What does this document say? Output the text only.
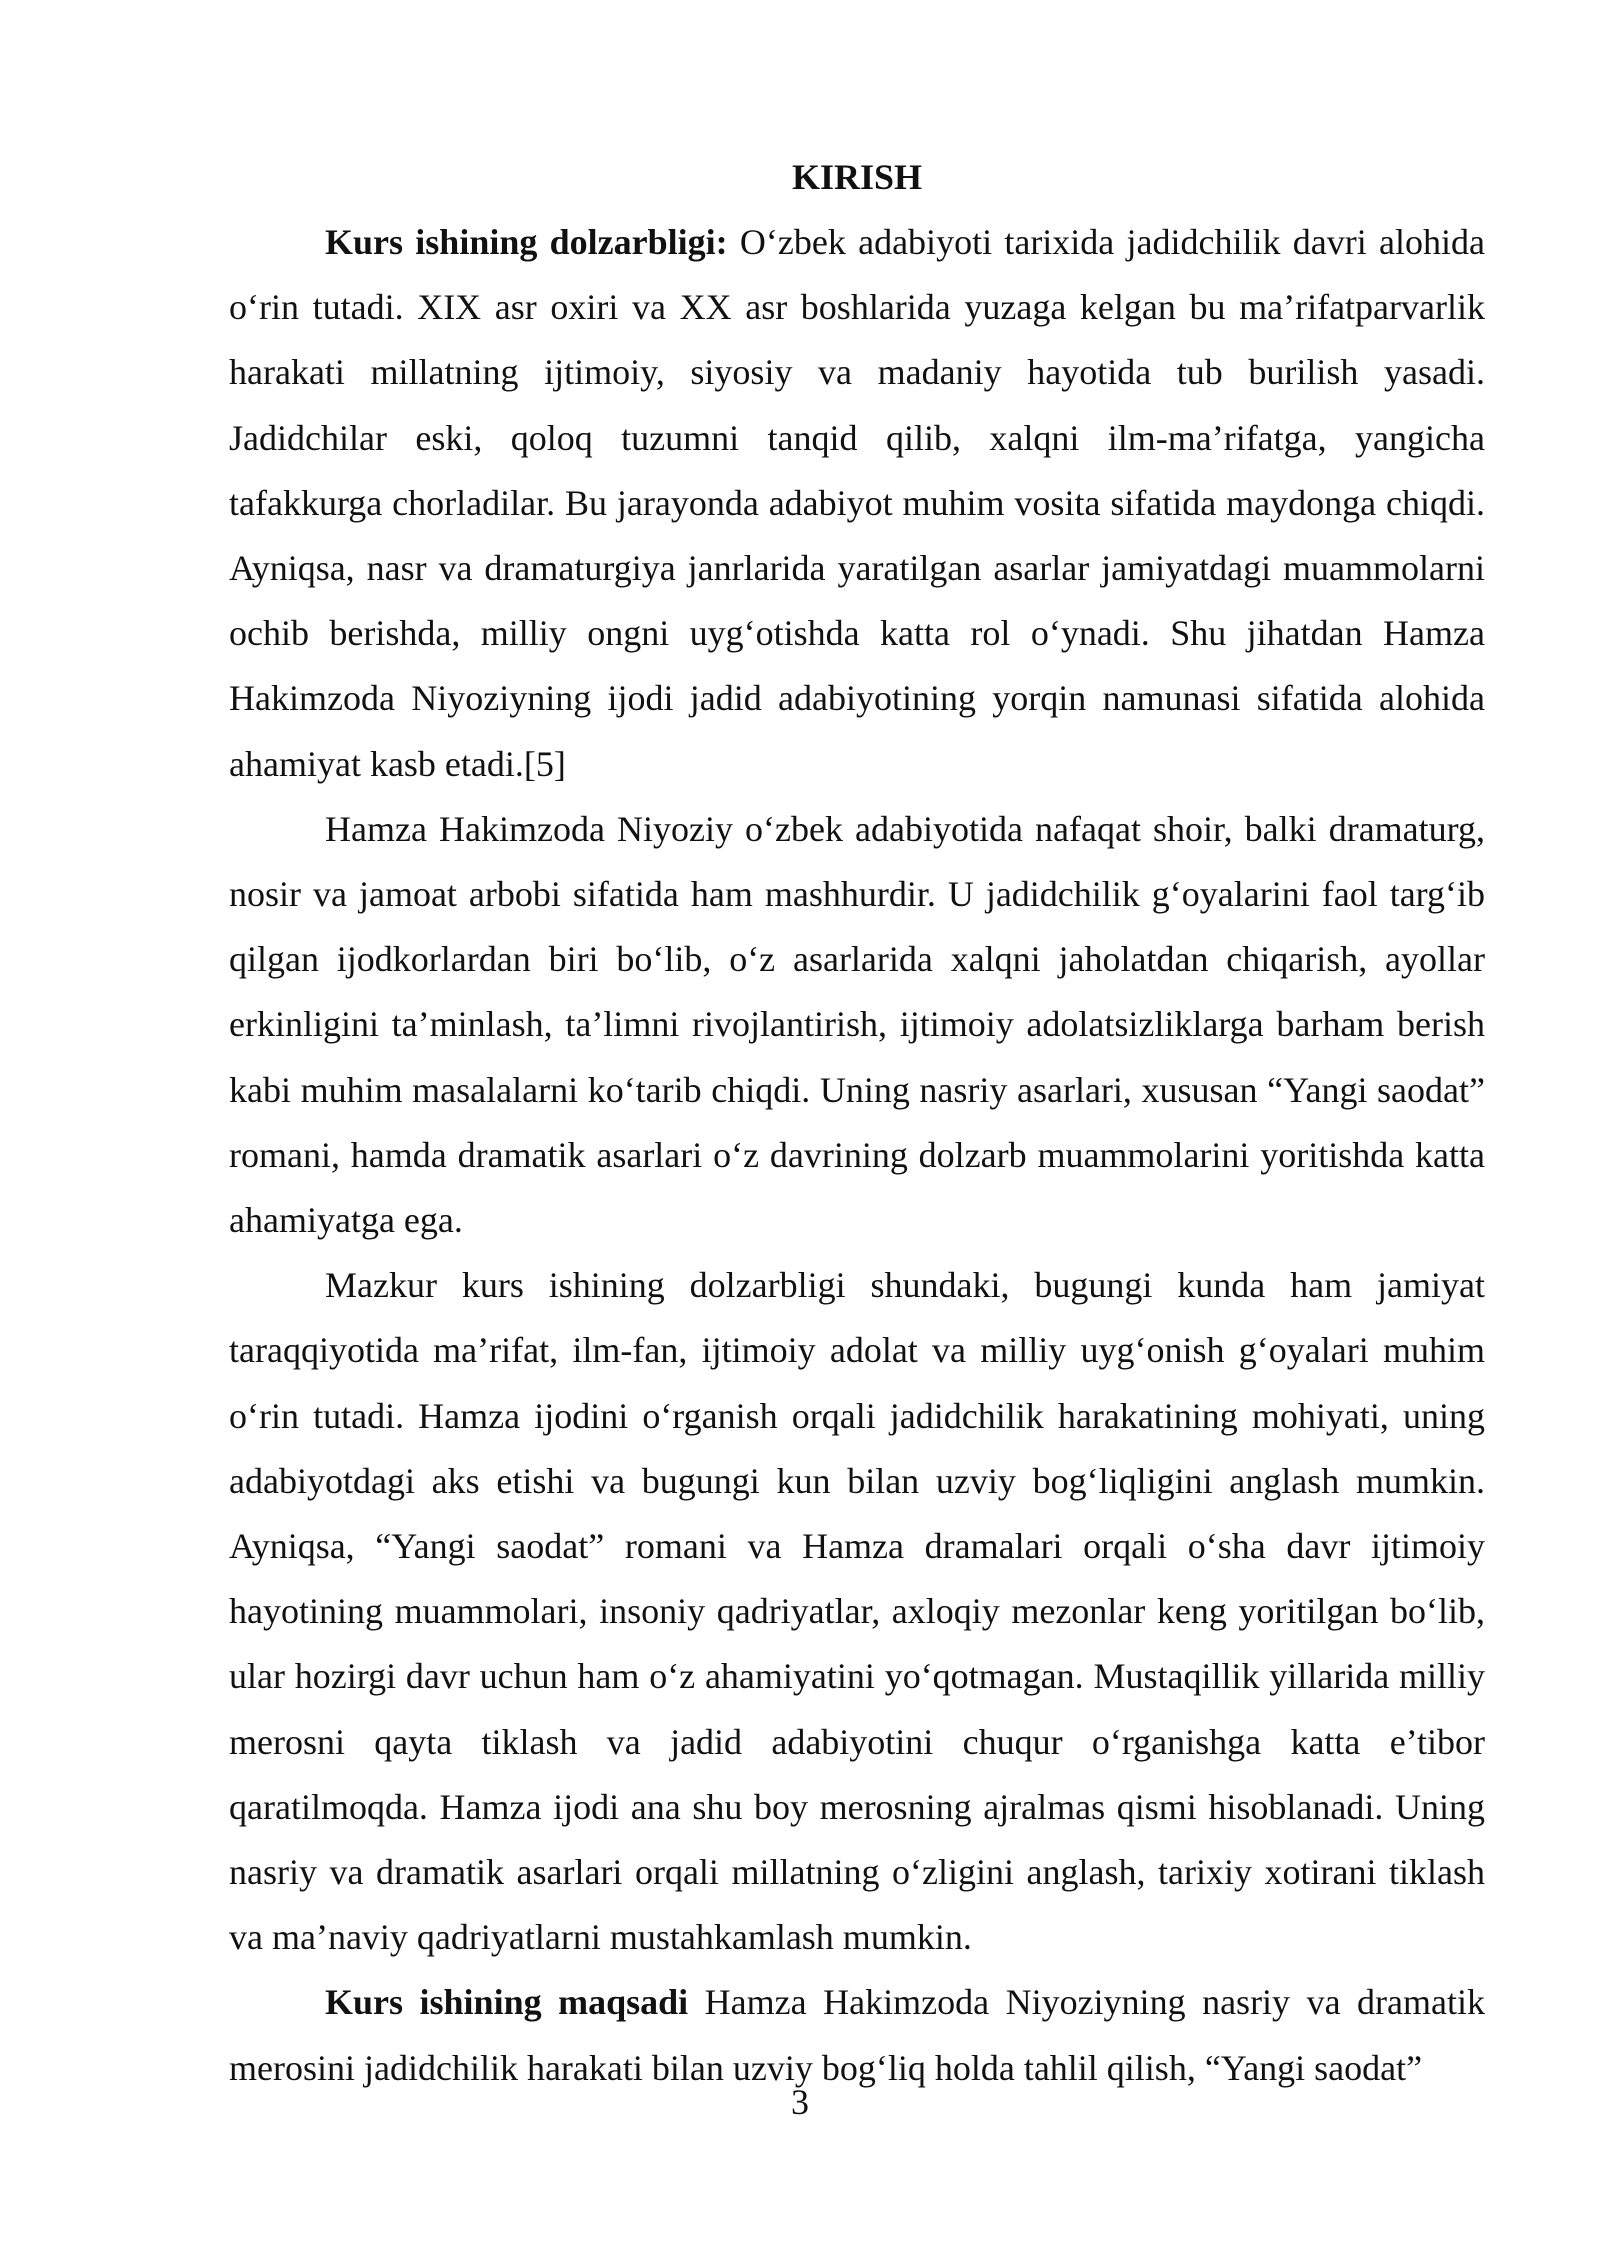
KIRISH

Kurs ishining dolzarbligi: O‘zbek adabiyoti tarixida jadidchilik davri alohida o‘rin tutadi. XIX asr oxiri va XX asr boshlarida yuzaga kelgan bu ma’rifatparvarlik harakati millatning ijtimoiy, siyosiy va madaniy hayotida tub burilish yasadi. Jadidchilar eski, qoloq tuzumni tanqid qilib, xalqni ilm-ma’rifatga, yangicha tafakkurga chorladilar. Bu jarayonda adabiyot muhim vosita sifatida maydonga chiqdi. Ayniqsa, nasr va dramaturgiya janrlarida yaratilgan asarlar jamiyatdagi muammolarni ochib berishda, milliy ongni uyg‘otishda katta rol o‘ynadi. Shu jihatdan Hamza Hakimzoda Niyoziyning ijodi jadid adabiyotining yorqin namunasi sifatida alohida ahamiyat kasb etadi.[5]

Hamza Hakimzoda Niyoziy o‘zbek adabiyotida nafaqat shoir, balki dramaturg, nosir va jamoat arbobi sifatida ham mashhurdir. U jadidchilik g‘oyalarini faol targ‘ib qilgan ijodkorlardan biri bo‘lib, o‘z asarlarida xalqni jaholatdan chiqarish, ayollar erkinligini ta’minlash, ta’limni rivojlantirish, ijtimoiy adolatsizliklarga barham berish kabi muhim masalalarni ko‘tarib chiqdi. Uning nasriy asarlari, xususan “Yangi saodat” romani, hamda dramatik asarlari o‘z davrining dolzarb muammolarini yoritishda katta ahamiyatga ega.

Mazkur kurs ishining dolzarbligi shundaki, bugungi kunda ham jamiyat taraqqiyotida ma’rifat, ilm-fan, ijtimoiy adolat va milliy uyg‘onish g‘oyalari muhim o‘rin tutadi. Hamza ijodini o‘rganish orqali jadidchilik harakatining mohiyati, uning adabiyotdagi aks etishi va bugungi kun bilan uzviy bog‘liqligini anglash mumkin. Ayniqsa, “Yangi saodat” romani va Hamza dramalari orqali o‘sha davr ijtimoiy hayotining muammolari, insoniy qadriyatlar, axloqiy mezonlar keng yoritilgan bo‘lib, ular hozirgi davr uchun ham o‘z ahamiyatini yo‘qotmagan. Mustaqillik yillarida milliy merosni qayta tiklash va jadid adabiyotini chuqur o‘rganishga katta e’tibor qaratilmoqda. Hamza ijodi ana shu boy merosning ajralmas qismi hisoblanadi. Uning nasriy va dramatik asarlari orqali millatning o‘zligini anglash, tarixiy xotirani tiklash va ma’naviy qadriyatlarni mustahkamlash mumkin.

Kurs ishining maqsadi Hamza Hakimzoda Niyoziyning nasriy va dramatik merosini jadidchilik harakati bilan uzviy bog‘liq holda tahlil qilish, “Yangi saodat”

3
